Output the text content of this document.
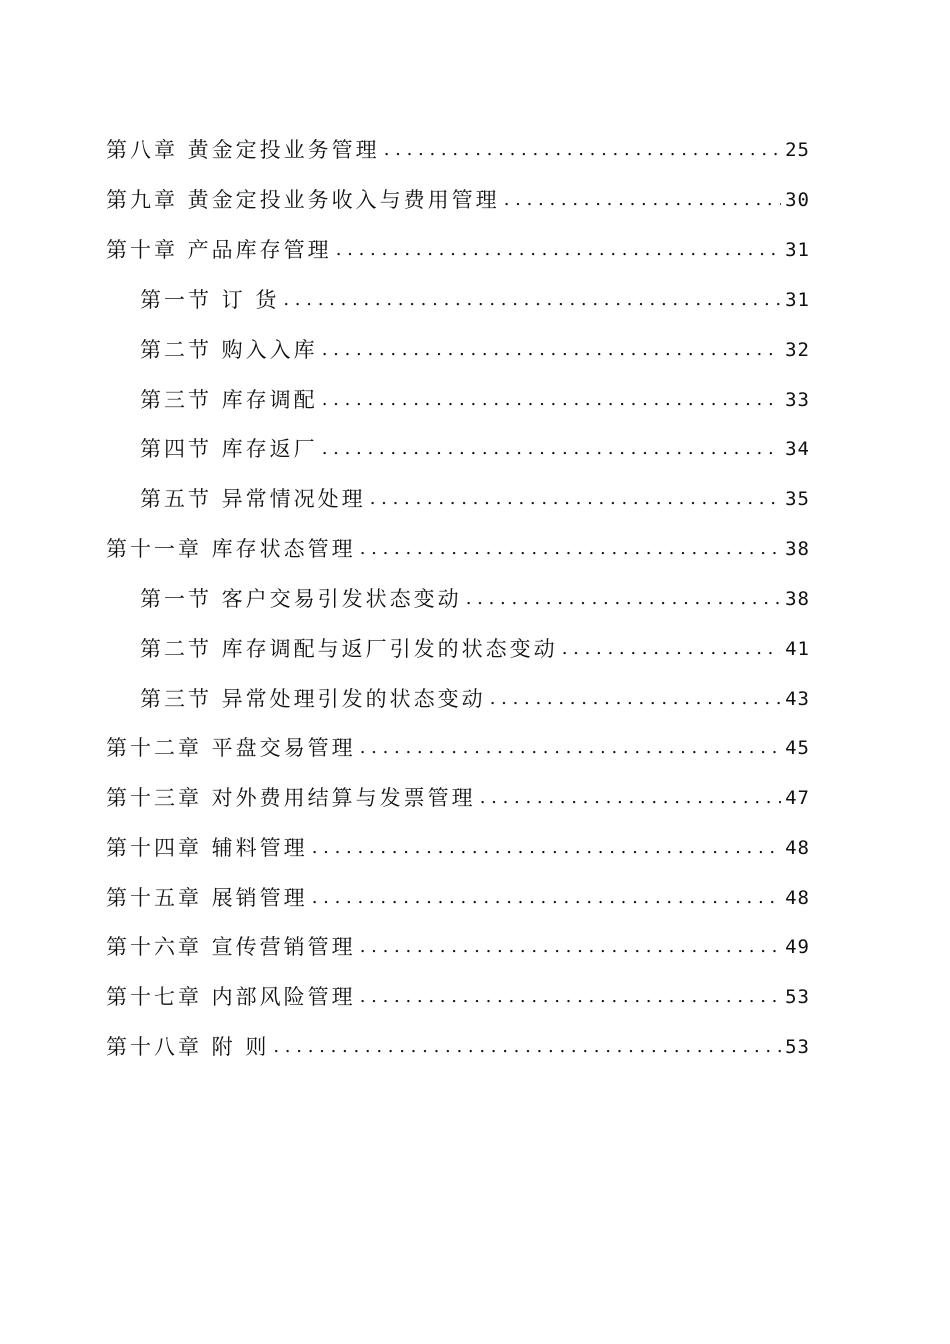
第八章 黄金定投业务管理 . . .	25
第九章 黄金定投业务收入与费用管理 . . .	30
第十章 产品库存管理 . . .	31
第一节 订 货 . . .	31
第二节 购入入库 . . .	32
第三节 库存调配 . . .	33
第四节 库存返厂 . . .	34
第五节 异常情况处理 . . .	35
第十一章 库存状态管理 . . .	38
第一节 客户交易引发状态变动 . . .	38
第二节 库存调配与返厂引发的状态变动 . . .	41
第三节 异常处理引发的状态变动 . . .	43
第十二章 平盘交易管理 . . .	45
第十三章 对外费用结算与发票管理 . . .	47
第十四章 辅料管理 . . .	48
第十五章 展销管理 . . .	48
第十六章 宣传营销管理 . . .	49
第十七章 内部风险管理 . . .	53
第十八章 附 则 . . .	53
